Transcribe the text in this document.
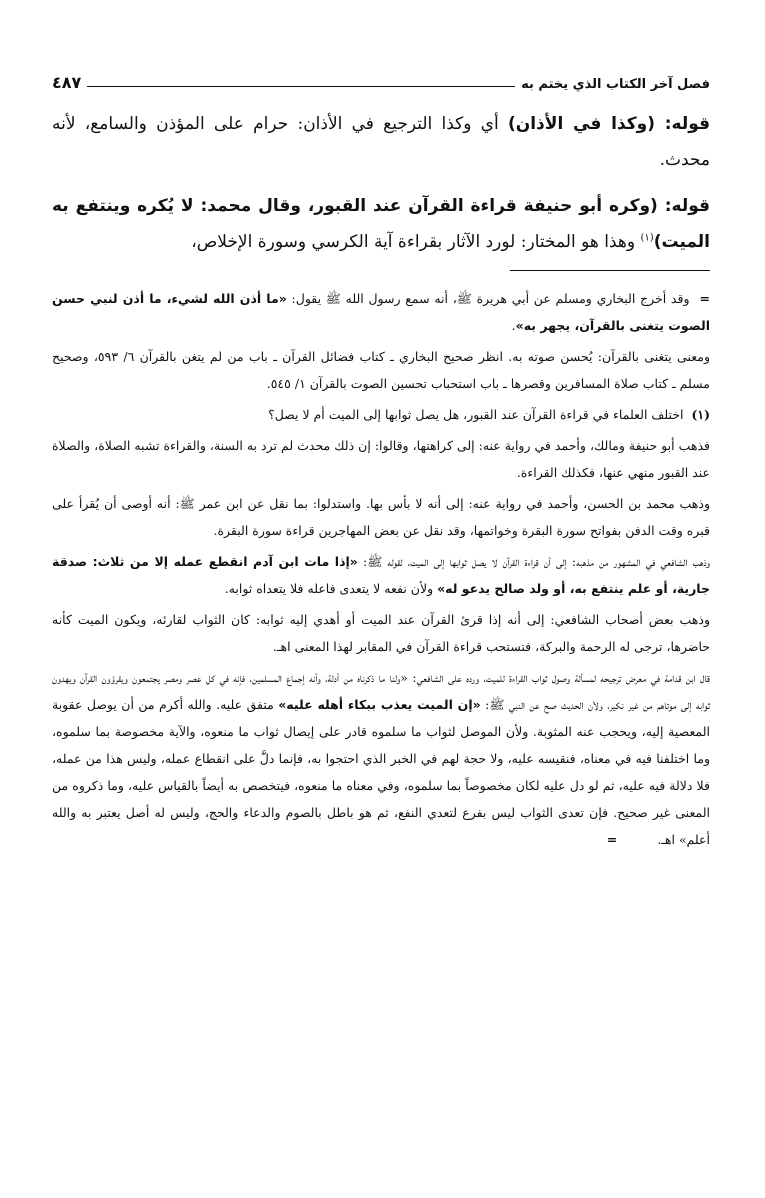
فصل آخر الكتاب الذي يختم به
٤٨٧

قوله: (وكذا في الأذان) أي وكذا الترجيع في الأذان: حرام على المؤذن والسامع، لأنه محدث.

قوله: (وكره أبو حنيفة قراءة القرآن عند القبور، وقال محمد: لا يُكره وينتفع به الميت)$^{(١)}$ وهذا هو المختار: لورد الآثار بقراءة آية الكرسي وسورة الإخلاص،

=وقد أخرج البخاري ومسلم عن أبي هريرة ﷺ، أنه سمع رسول الله ﷺ يقول: «ما أذن الله لشيء، ما أذن لنبي حسن الصوت يتغنى بالقرآن، يجهر به».

ومعنى يتغنى بالقرآن: يُحسن صوته به. انظر صحيح البخاري ـ كتاب فضائل القرآن ـ باب من لم يتغن بالقرآن ٦/ ٥٩٣، وصحيح مسلم ـ كتاب صلاة المسافرين وقصرها ـ باب استحباب تحسين الصوت بالقرآن ١/ ٥٤٥.

(١)اختلف العلماء في قراءة القرآن عند القبور، هل يصل ثوابها إلى الميت أم لا يصل؟

فذهب أبو حنيفة ومالك، وأحمد في رواية عنه: إلى كراهتها، وقالوا: إن ذلك محدث لم ترد به السنة، والقراءة تشبه الصلاة، والصلاة عند القبور منهي عنها، فكذلك القراءة.

وذهب محمد بن الحسن، وأحمد في رواية عنه: إلى أنه لا بأس بها. واستدلوا: بما نقل عن ابن عمر ﷺ: أنه أوصى أن يُقرأ على قبره وقت الدفن بفواتح سورة البقرة وخواتمها، وقد نقل عن بعض المهاجرين قراءة سورة البقرة.

وذهب الشافعي في المشهور من مذهبه: إلى أن قراءة القرآن لا يصل ثوابها إلى الميت، لقوله ﷺ: «إذا مات ابن آدم انقطع عمله إلا من ثلاث: صدقة جارية، أو علم ينتفع به، أو ولد صالح يدعو له» ولأن نفعه لا يتعدى فاعله فلا يتعداه ثوابه.

وذهب بعض أصحاب الشافعي: إلى أنه إذا قرئ القرآن عند الميت أو أهدي إليه ثوابه: كان الثواب لقارئه، ويكون الميت كأنه حاضرها، ترجى له الرحمة والبركة، فتستحب قراءة القرآن في المقابر لهذا المعنى اهـ.

قال ابن قدامة في معرض ترجيحه لمسألة وصول ثواب القراءة للميت، ورده على الشافعي: «ولنا ما ذكرناه من أدلة، وأنه إجماع المسلمين، فإنه في كل عصر ومصر يجتمعون ويقرؤون القرآن ويهدون ثوابه إلى موتاهم من غير نكير، ولأن الحديث صح عن النبي ﷺ: «إن الميت يعذب ببكاء أهله عليه» متفق عليه. والله أكرم من أن يوصل عقوبة المعصية إليه، ويحجب عنه المثوبة. ولأن الموصل لثواب ما سلموه قادر على إيصال ثواب ما منعوه، والآية مخصوصة بما سلموه، وما اختلفنا فيه في معناه، فنقيسه عليه، ولا حجة لهم في الخبر الذي احتجوا به، فإنما دلَّ على انقطاع عمله، وليس هذا من عمله، فلا دلالة فيه عليه، ثم لو دل عليه لكان مخصوصاً بما سلموه، وفي معناه ما منعوه، فيتخصص به أيضاً بالقياس عليه، وما ذكروه من المعنى غير صحيح. فإن تعدى الثواب ليس بفرع لتعدي النفع، ثم هو باطل بالصوم والدعاء والحج، وليس له أصل يعتبر به والله أعلم» اهـ.=
